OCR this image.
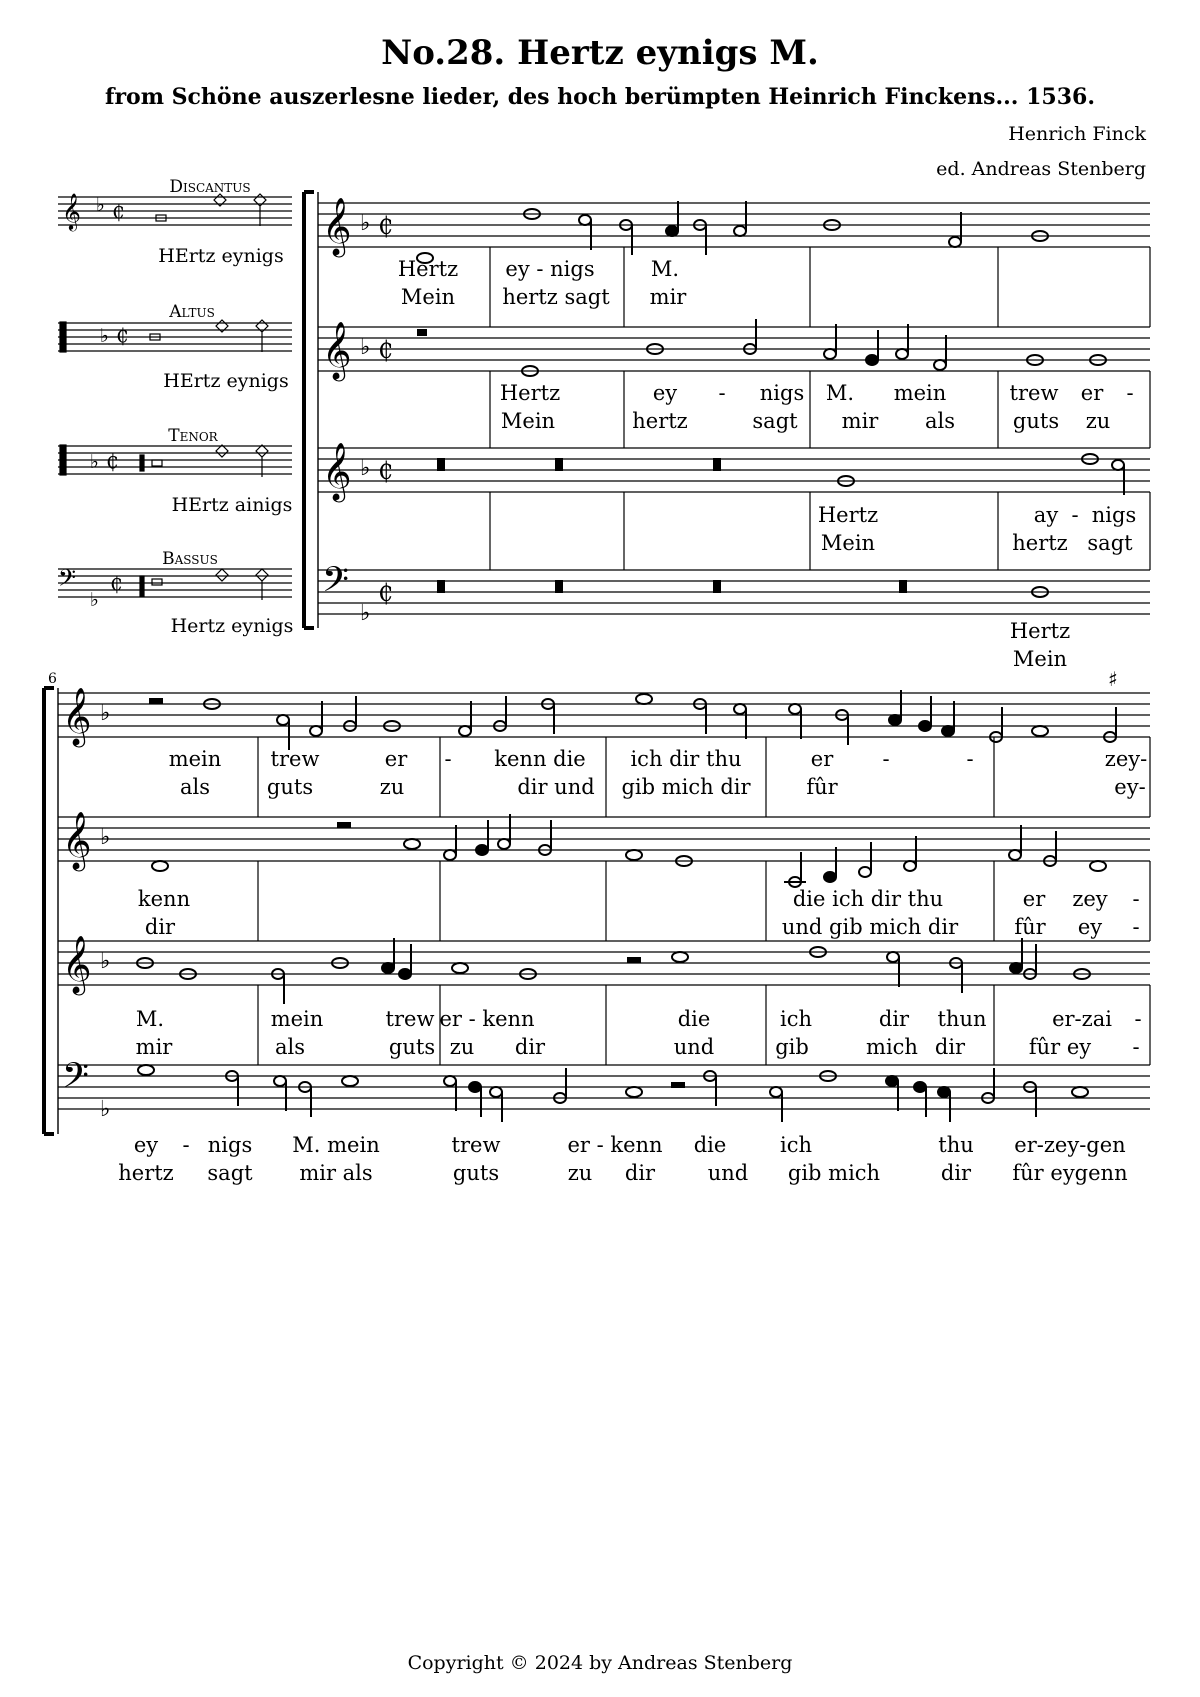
No.28. Hertz eynigs M.
from Schöne auszerlesne lieder, des hoch berümpten Heinrich Finckens... 1536.
Henrich Finck
ed. Andreas Stenberg
𝄞 ♭ ₵
♭ ₵
♭ ₵
𝄢
♭
₵
Discantus
Altus
Tenor
Bassus
HErtz eynigs
HErtz eynigs
HErtz ainigs
Hertz eynigs
𝄞
𝄞
𝄞
𝄢
♭
♭
♭
♭
₵
₵
₵
₵
Hertz ey - nigs	M.
Mein hertz sagt mir
Hertz	ey - nigs M. mein	trew er -
Mein	hertz	sagt mir als	guts zu
Hertz	ay - nigs
Mein	hertz sagt
Hertz
Mein
6
𝄞
𝄞
𝄞
𝄢
♭
♭
♭
♭
♯
mein trew	er - kenn die ich dir thu	er -	-	zey-
als	guts	zu	dir und gib mich dir	fûr	ey-
kenn	die ich dir thu	er zey -
dir	und gib mich dir	fûr ey -
M.	mein	trew er - kenn	die	ich	dir thun	er-zai -
mir	als	guts zu dir	und	gib	mich dir	fûr ey -
ey - nigs M. mein	trew	er - kenn die	ich	thu er-zey-gen
hertz sagt mir als	guts	zu dir	und gib mich	dir fûr eygenn
Copyright © 2024 by Andreas Stenberg
